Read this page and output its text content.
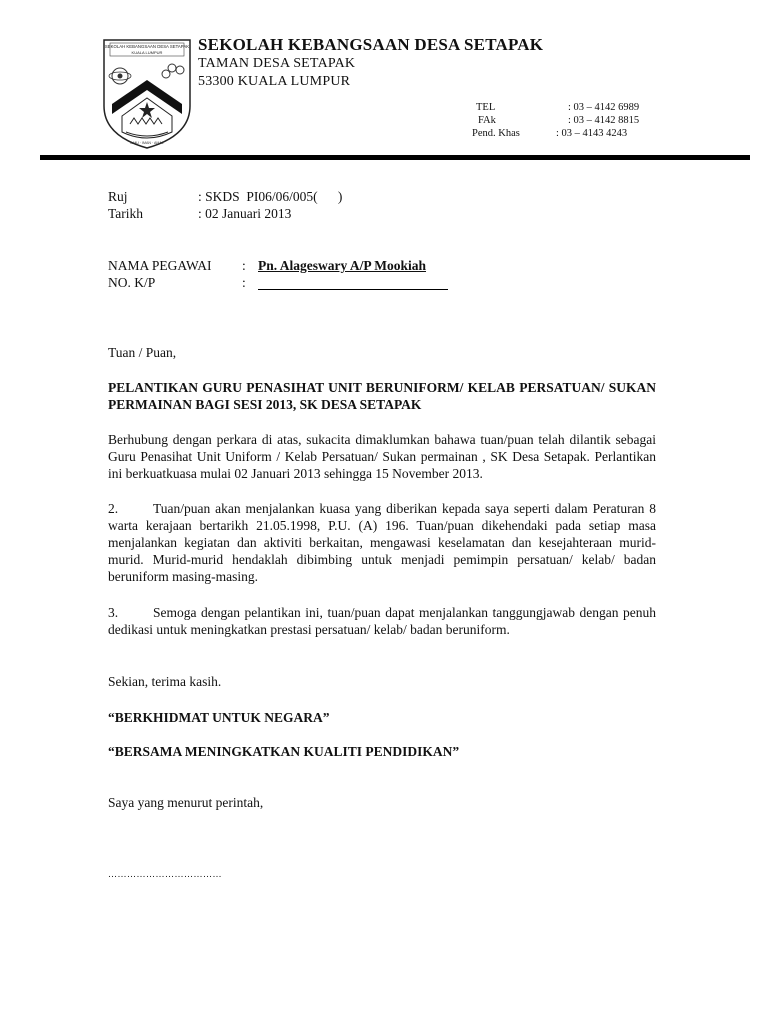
SEKOLAH KEBANGSAAN DESA SETAPAK
KUALA LUMPUR
ILMU · IMAN · AMAL
SEKOLAH KEBANGSAAN DESA SETAPAK
TAMAN DESA SETAPAK
53300 KUALA LUMPUR
TEL	: 03 – 4142 6989
FAk	: 03 – 4142 8815
Pend. Khas	: 03 – 4143 4243
Ruj	: SKDS  PI06/06/005(      )
Tarikh	: 02 Januari 2013
NAMA PEGAWAI : Pn. Alageswary A/P Mookiah
NO. K/P	:
Tuan / Puan,
PELANTIKAN GURU PENASIHAT UNIT BERUNIFORM/ KELAB PERSATUAN/ SUKAN PERMAINAN BAGI SESI 2013, SK DESA SETAPAK
Berhubung dengan perkara di atas, sukacita dimaklumkan bahawa tuan/puan telah dilantik sebagai Guru Penasihat Unit Uniform / Kelab Persatuan/ Sukan permainan , SK Desa Setapak. Perlantikan ini berkuatkuasa mulai 02 Januari 2013 sehingga 15 November 2013.
2.	Tuan/puan akan menjalankan kuasa yang diberikan kepada saya seperti dalam Peraturan 8 warta kerajaan bertarikh 21.05.1998, P.U. (A) 196. Tuan/puan dikehendaki pada setiap masa menjalankan kegiatan dan aktiviti berkaitan, mengawasi keselamatan dan kesejahteraan murid-murid. Murid-murid hendaklah dibimbing untuk menjadi pemimpin persatuan/ kelab/ badan beruniform masing-masing.
3.	Semoga dengan pelantikan ini, tuan/puan dapat menjalankan tanggungjawab dengan penuh dedikasi untuk meningkatkan prestasi persatuan/ kelab/ badan beruniform.
Sekian, terima kasih.
“BERKHIDMAT UNTUK NEGARA”
“BERSAMA MENINGKATKAN KUALITI PENDIDIKAN”
Saya yang menurut perintah,
………………………………
